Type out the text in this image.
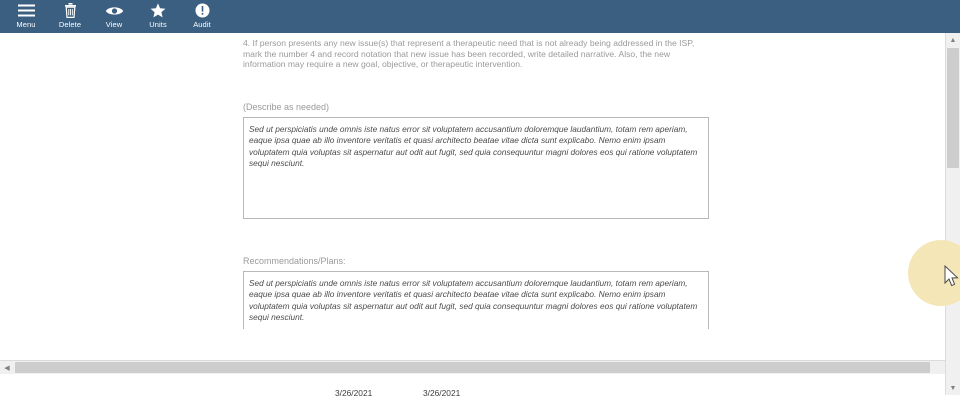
Menu	Delete	View	Units	Audit
4. If person presents any new issue(s) that represent a therapeutic need that is not already being addressed in the ISP, mark the number 4 and record notation that new issue has been recorded, write detailed narrative. Also, the new information may require a new goal, objective, or therapeutic intervention.
(Describe as needed)
Sed ut perspiciatis unde omnis iste natus error sit voluptatem accusantium doloremque laudantium, totam rem aperiam, eaque ipsa quae ab illo inventore veritatis et quasi architecto beatae vitae dicta sunt explicabo. Nemo enim ipsam voluptatem quia voluptas sit aspernatur aut odit aut fugit, sed quia consequuntur magni dolores eos qui ratione voluptatem sequi nesciunt.
Recommendations/Plans:
Sed ut perspiciatis unde omnis iste natus error sit voluptatem accusantium doloremque laudantium, totam rem aperiam, eaque ipsa quae ab illo inventore veritatis et quasi architecto beatae vitae dicta sunt explicabo. Nemo enim ipsam voluptatem quia voluptas sit aspernatur aut odit aut fugit, sed quia consequuntur magni dolores eos qui ratione voluptatem sequi nesciunt.
◀
3/26/2021	3/26/2021
▲
▼
